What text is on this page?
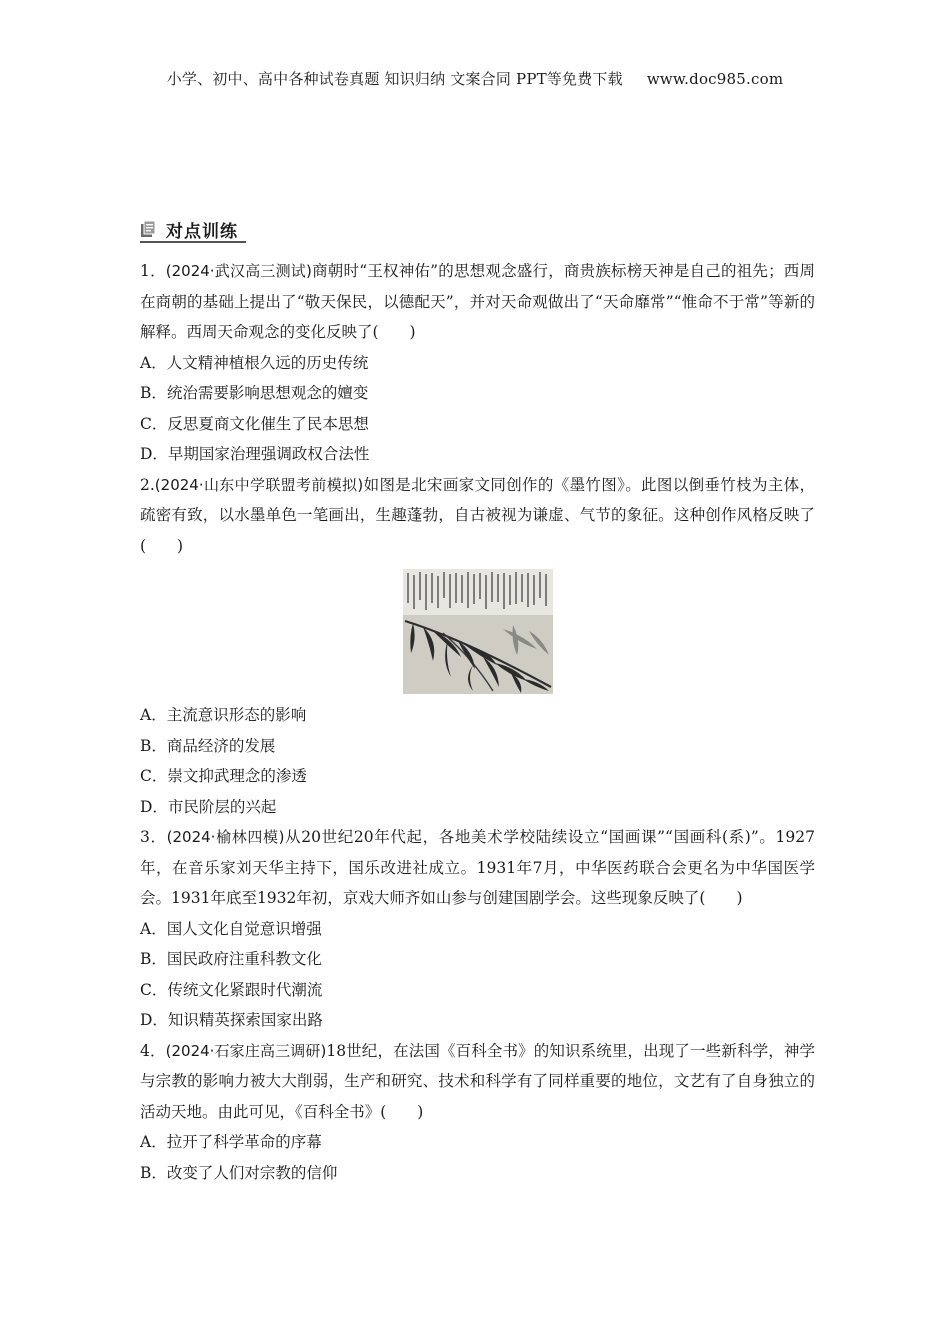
小学、初中、高中各种试卷真题 知识归纳 文案合同 PPT等免费下载 www.doc985.com
对点训练

1．(2024·武汉高三测试)商朝时“王权神佑”的思想观念盛行，商贵族标榜天神是自己的祖先；西周在商朝的基础上提出了“敬天保民，以德配天”，并对天命观做出了“天命靡常”“惟命不于常”等新的解释。西周天命观念的变化反映了(　　)

A．人文精神植根久远的历史传统

B．统治需要影响思想观念的嬗变

C．反思夏商文化催生了民本思想

D．早期国家治理强调政权合法性

2.(2024·山东中学联盟考前模拟)如图是北宋画家文同创作的《墨竹图》。此图以倒垂竹枝为主体，疏密有致，以水墨单色一笔画出，生趣蓬勃，自古被视为谦虚、气节的象征。这种创作风格反映了(　　)

A．主流意识形态的影响

B．商品经济的发展

C．崇文抑武理念的渗透

D．市民阶层的兴起

3．(2024·榆林四模)从20世纪20年代起，各地美术学校陆续设立“国画课”“国画科(系)”。1927年，在音乐家刘天华主持下，国乐改进社成立。1931年7月，中华医药联合会更名为中华国医学会。1931年底至1932年初，京戏大师齐如山参与创建国剧学会。这些现象反映了(　　)

A．国人文化自觉意识增强

B．国民政府注重科教文化

C．传统文化紧跟时代潮流

D．知识精英探索国家出路

4．(2024·石家庄高三调研)18世纪，在法国《百科全书》的知识系统里，出现了一些新科学，神学与宗教的影响力被大大削弱，生产和研究、技术和科学有了同样重要的地位，文艺有了自身独立的活动天地。由此可见，《百科全书》(　　)

A．拉开了科学革命的序幕

B．改变了人们对宗教的信仰
